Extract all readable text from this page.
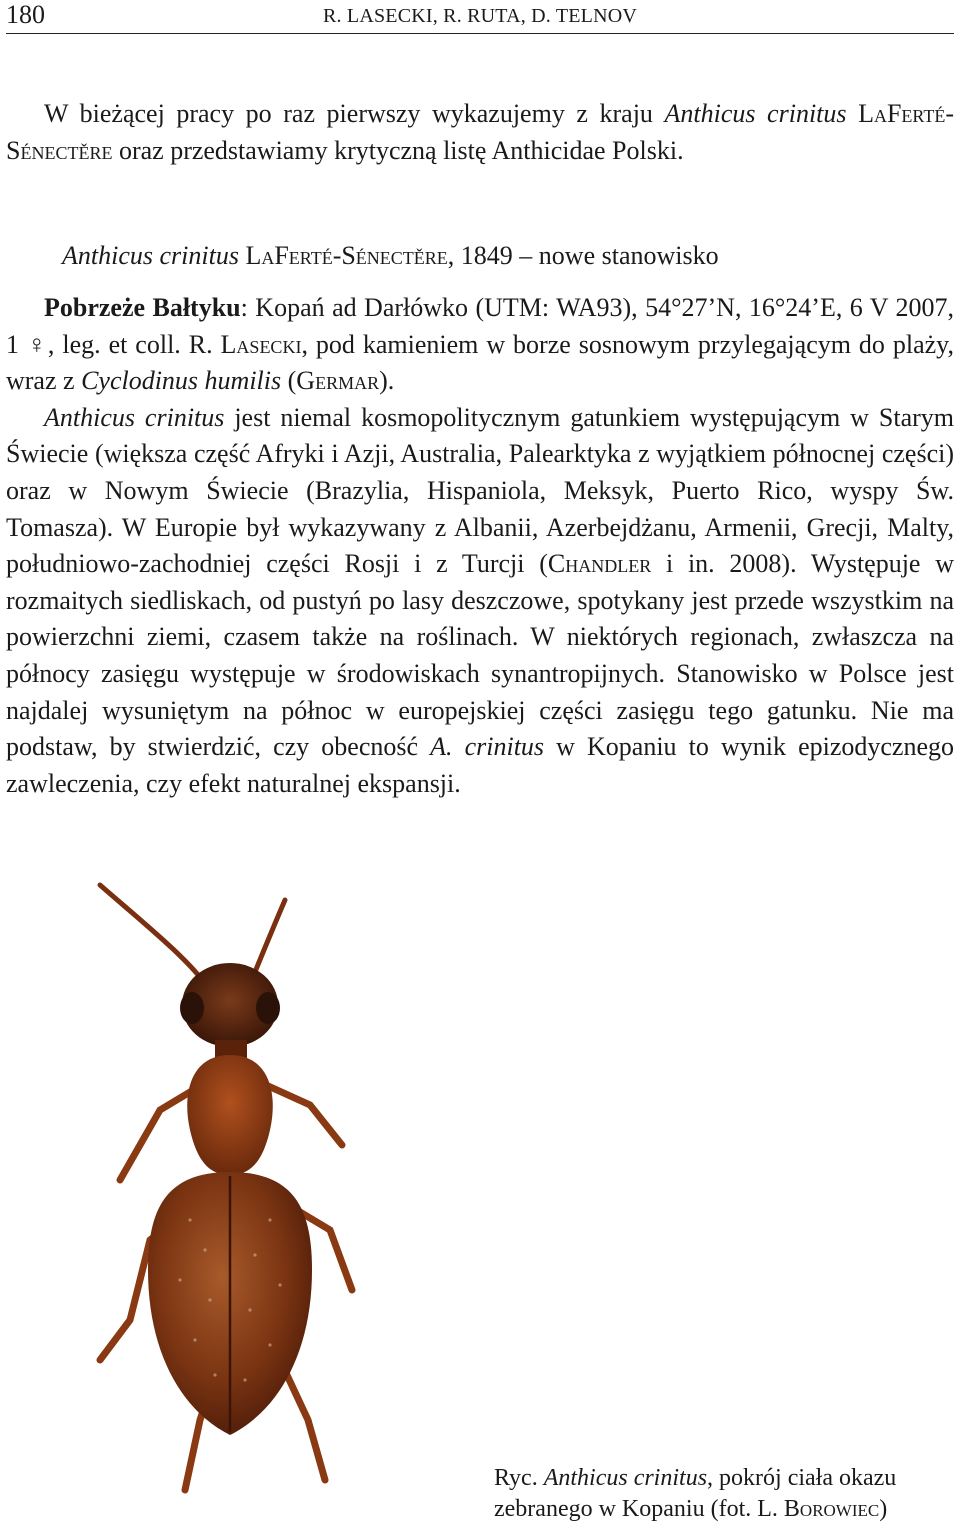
180	R. LASECKI, R. RUTA, D. TELNOV

W bieżącej pracy po raz pierwszy wykazujemy z kraju Anthicus crinitus LaFerté-Sénectěre oraz przedstawiamy krytyczną listę Anthicidae Polski.

Anthicus crinitus LaFerté-Sénectěre, 1849 – nowe stanowisko

Pobrzeże Bałtyku: Kopań ad Darłówko (UTM: WA93), 54°27’N, 16°24’E, 6 V 2007, 1 ♀, leg. et coll. R. Lasecki, pod kamieniem w borze sosnowym przylegającym do plaży, wraz z Cyclodinus humilis (Germar).

Anthicus crinitus jest niemal kosmopolitycznym gatunkiem występującym w Starym Świecie (większa część Afryki i Azji, Australia, Palearktyka z wyjątkiem północnej części) oraz w Nowym Świecie (Brazylia, Hispaniola, Meksyk, Puerto Rico, wyspy Św. Tomasza). W Europie był wykazywany z Albanii, Azerbejdżanu, Armenii, Grecji, Malty, południowo-zachodniej części Rosji i z Turcji (Chandler i in. 2008). Występuje w rozmaitych siedliskach, od pustyń po lasy deszczowe, spotykany jest przede wszystkim na powierzchni ziemi, czasem także na roślinach. W niektórych regionach, zwłaszcza na północy zasięgu występuje w środowiskach synantropijnych. Stanowisko w Polsce jest najdalej wysuniętym na północ w europejskiej części zasięgu tego gatunku. Nie ma podstaw, by stwierdzić, czy obecność A. crinitus w Kopaniu to wynik epizodycznego zawleczenia, czy efekt naturalnej ekspansji.

Ryc. Anthicus crinitus, pokrój ciała okazu zebranego w Kopaniu (fot. L. Borowiec)
